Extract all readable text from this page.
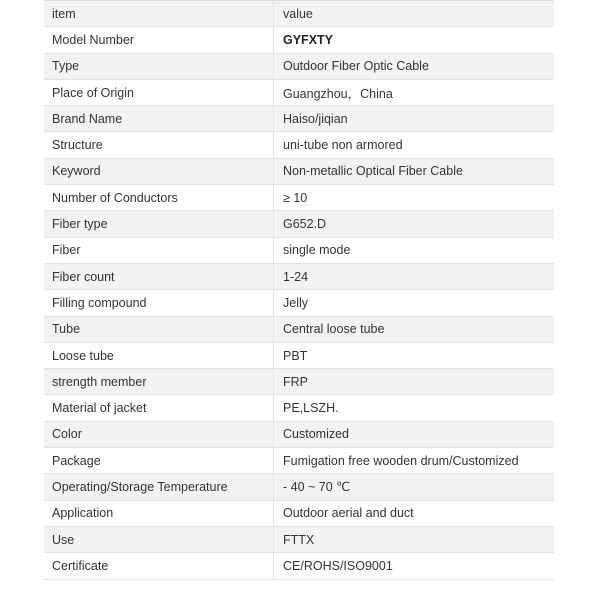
item	value
Model Number	GYFXTY
Type	Outdoor Fiber Optic Cable
Place of Origin	Guangzhou，China
Brand Name	Haiso/jiqian
Structure	uni-tube non armored
Keyword	Non-metallic Optical Fiber Cable
Number of Conductors	≥ 10
Fiber type	G652.D
Fiber	single mode
Fiber count	1-24
Filling compound	Jelly
Tube	Central loose tube
Loose tube	PBT
strength member	FRP
Material of jacket	PE,LSZH.
Color	Customized
Package	Fumigation free wooden drum/Customized
Operating/Storage Temperature	- 40 ~ 70 ℃
Application	Outdoor aerial and duct
Use	FTTX
Certificate	CE/ROHS/ISO9001
